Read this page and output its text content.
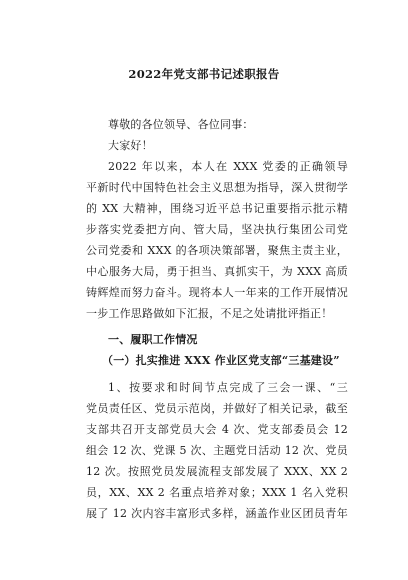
2022年党支部书记述职报告
尊敬的各位领导、各位同事：
大家好！
2022 年以来，本人在 XXX 党委的正确领导
平新时代中国特色社会主义思想为指导，深入贯彻学
的 XX 大精神，围绕习近平总书记重要指示批示精
步落实党委把方向、管大局，坚决执行集团公司党
公司党委和 XXX 的各项决策部署，聚焦主责主业，
中心服务大局，勇于担当、真抓实干，为 XXX 高质
铸辉煌而努力奋斗。现将本人一年来的工作开展情况
一步工作思路做如下汇报，不足之处请批评指正！
一、履职工作情况
（一）扎实推进 XXX 作业区党支部“三基建设”
1、按要求和时间节点完成了三会一课、“三
党员责任区、党员示范岗，并做好了相关记录，截至
支部共召开支部党员大会 4 次、党支部委员会 12
组会 12 次、党课 5 次、主题党日活动 12 次、党员
12 次。按照党员发展流程支部发展了 XXX、XX 2
员，XX、XX 2 名重点培养对象；XXX 1 名入党积
展了 12 次内容丰富形式多样，涵盖作业区团员青年
